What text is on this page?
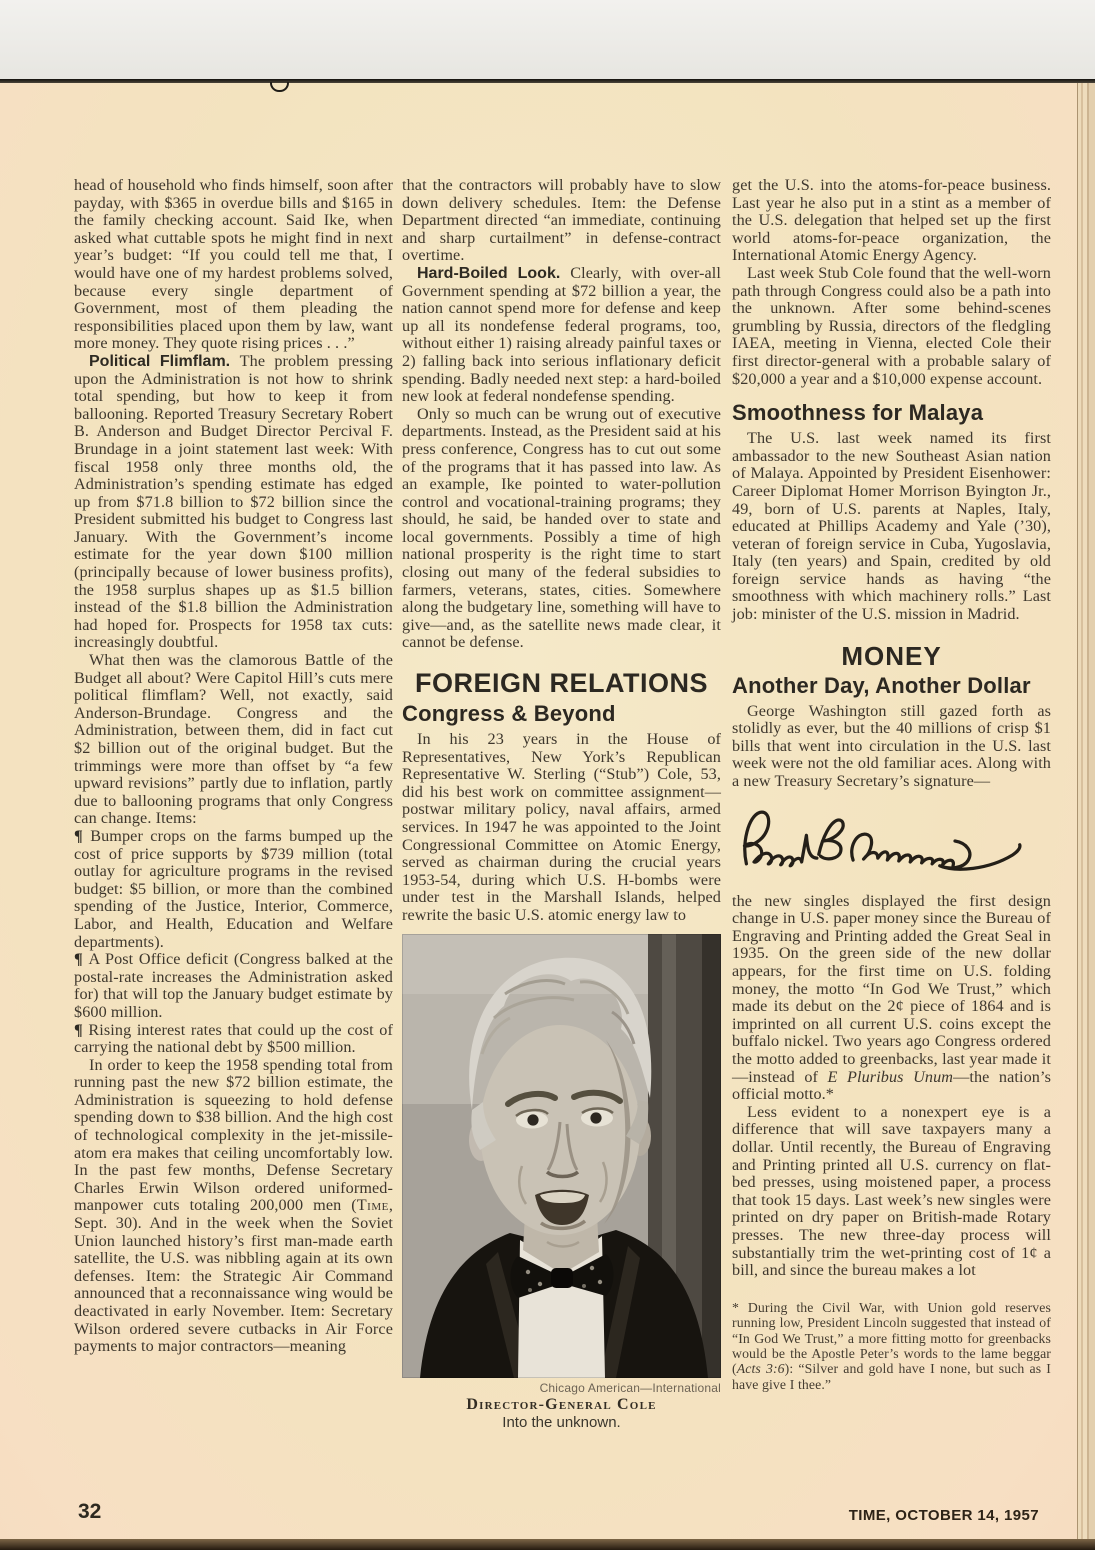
head of household who finds himself, soon after payday, with $365 in overdue bills and $165 in the family checking account. Said Ike, when asked what cuttable spots he might find in next year’s budget: “If you could tell me that, I would have one of my hardest problems solved, because every single department of Government, most of them pleading the responsibilities placed upon them by law, want more money. They quote rising prices . . .”

Political Flimflam. The problem pressing upon the Administration is not how to shrink total spending, but how to keep it from ballooning. Reported Treasury Secretary Robert B. Anderson and Budget Director Percival F. Brundage in a joint statement last week: With fiscal 1958 only three months old, the Administration’s spending estimate has edged up from $71.8 billion to $72 billion since the President submitted his budget to Congress last January. With the Government’s income estimate for the year down $100 million (principally because of lower business profits), the 1958 surplus shapes up as $1.5 billion instead of the $1.8 billion the Administration had hoped for. Prospects for 1958 tax cuts: increasingly doubtful.

What then was the clamorous Battle of the Budget all about? Were Capitol Hill’s cuts mere political flimflam? Well, not exactly, said Anderson-Brundage. Congress and the Administration, between them, did in fact cut $2 billion out of the original budget. But the trimmings were more than offset by “a few upward revisions” partly due to inflation, partly due to ballooning programs that only Congress can change. Items:

¶ Bumper crops on the farms bumped up the cost of price supports by $739 million (total outlay for agriculture programs in the revised budget: $5 billion, or more than the combined spending of the Justice, Interior, Commerce, Labor, and Health, Education and Welfare departments).

¶ A Post Office deficit (Congress balked at the postal-rate increases the Administration asked for) that will top the January budget estimate by $600 million.

¶ Rising interest rates that could up the cost of carrying the national debt by $500 million.

In order to keep the 1958 spending total from running past the new $72 billion estimate, the Administration is squeezing to hold defense spending down to $38 billion. And the high cost of technological complexity in the jet-missile-atom era makes that ceiling uncomfortably low. In the past few months, Defense Secretary Charles Erwin Wilson ordered uniformed-manpower cuts totaling 200,000 men (Time, Sept. 30). And in the week when the Soviet Union launched history’s first man-made earth satellite, the U.S. was nibbling again at its own defenses. Item: the Strategic Air Command announced that a reconnaissance wing would be deactivated in early November. Item: Secretary Wilson ordered severe cutbacks in Air Force payments to major contractors—meaning

that the contractors will probably have to slow down delivery schedules. Item: the Defense Department directed “an immediate, continuing and sharp curtailment” in defense-contract overtime.

Hard-Boiled Look. Clearly, with over-all Government spending at $72 billion a year, the nation cannot spend more for defense and keep up all its nondefense federal programs, too, without either 1) raising already painful taxes or 2) falling back into serious inflationary deficit spending. Badly needed next step: a hard-boiled new look at federal nondefense spending.

Only so much can be wrung out of executive departments. Instead, as the President said at his press conference, Congress has to cut out some of the programs that it has passed into law. As an example, Ike pointed to water-pollution control and vocational-training programs; they should, he said, be handed over to state and local governments. Possibly a time of high national prosperity is the right time to start closing out many of the federal subsidies to farmers, veterans, states, cities. Somewhere along the budgetary line, something will have to give—and, as the satellite news made clear, it cannot be defense.

FOREIGN RELATIONS

Congress & Beyond

In his 23 years in the House of Representatives, New York’s Republican Representative W. Sterling (“Stub”) Cole, 53, did his best work on committee assignment—postwar military policy, naval affairs, armed services. In 1947 he was appointed to the Joint Congressional Committee on Atomic Energy, served as chairman during the crucial years 1953-54, during which U.S. H-bombs were under test in the Marshall Islands, helped rewrite the basic U.S. atomic energy law to

Chicago American—International
Director-General Cole
Into the unknown.

get the U.S. into the atoms-for-peace business. Last year he also put in a stint as a member of the U.S. delegation that helped set up the first world atoms-for-peace organization, the International Atomic Energy Agency.

Last week Stub Cole found that the well-worn path through Congress could also be a path into the unknown. After some behind-scenes grumbling by Russia, directors of the fledgling IAEA, meeting in Vienna, elected Cole their first director-general with a probable salary of $20,000 a year and a $10,000 expense account.

Smoothness for Malaya

The U.S. last week named its first ambassador to the new Southeast Asian nation of Malaya. Appointed by President Eisenhower: Career Diplomat Homer Morrison Byington Jr., 49, born of U.S. parents at Naples, Italy, educated at Phillips Academy and Yale (’30), veteran of foreign service in Cuba, Yugoslavia, Italy (ten years) and Spain, credited by old foreign service hands as having “the smoothness with which machinery rolls.” Last job: minister of the U.S. mission in Madrid.

MONEY

Another Day, Another Dollar

George Washington still gazed forth as stolidly as ever, but the 40 millions of crisp $1 bills that went into circulation in the U.S. last week were not the old familiar aces. Along with a new Treasury Secretary’s signature—

the new singles displayed the first design change in U.S. paper money since the Bureau of Engraving and Printing added the Great Seal in 1935. On the green side of the new dollar appears, for the first time on U.S. folding money, the motto “In God We Trust,” which made its debut on the 2¢ piece of 1864 and is imprinted on all current U.S. coins except the buffalo nickel. Two years ago Congress ordered the motto added to greenbacks, last year made it—instead of E Pluribus Unum—the nation’s official motto.*

Less evident to a nonexpert eye is a difference that will save taxpayers many a dollar. Until recently, the Bureau of Engraving and Printing printed all U.S. currency on flat-bed presses, using moistened paper, a process that took 15 days. Last week’s new singles were printed on dry paper on British-made Rotary presses. The new three-day process will substantially trim the wet-printing cost of 1¢ a bill, and since the bureau makes a lot

* During the Civil War, with Union gold reserves running low, President Lincoln suggested that instead of “In God We Trust,” a more fitting motto for greenbacks would be the Apostle Peter’s words to the lame beggar (Acts 3:6): “Silver and gold have I none, but such as I have give I thee.”

32	TIME, OCTOBER 14, 1957
